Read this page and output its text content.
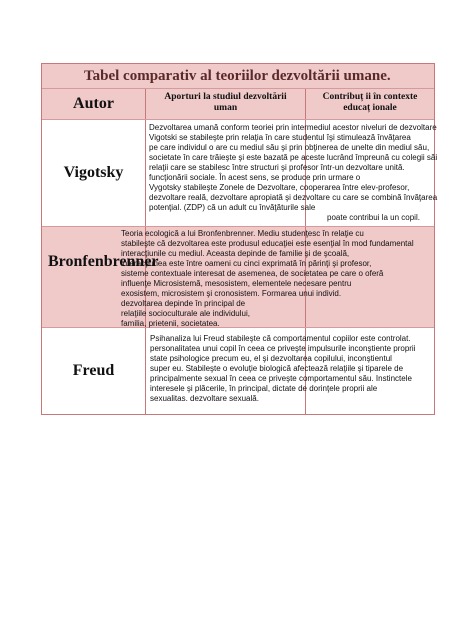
Tabel comparativ al teoriilor dezvoltării umane.
Autor	Aporturi la studiul dezvoltării
uman
Contribuț ii în contexte
educaț ionale
Vigotsky
Dezvoltarea umană conform teoriei prin intermediul acestor niveluri de dezvoltare
Vigotski se stabileşte prin relaţia în care studentul îşi stimulează învăţarea
pe care individul o are cu mediul său şi prin obţinerea de unelte din mediul său,
societate în care trăieşte şi este bazată pe aceste lucrând împreună cu colegii săi
relaţii care se stabilesc între structuri şi profesor într-un dezvoltare unită.
funcţionării sociale. În acest sens, se produce prin urmare o
Vygotsky stabileşte Zonele de Dezvoltare, cooperarea între elev-profesor,
dezvoltare reală, dezvoltare apropiată şi dezvoltare cu care se combină învăţarea
potenţial. (ZDP) că un adult cu învăţăturile sale
poate contribui la un copil.
Bronfenbrenner
Teoria ecologică a lui Bronfenbrenner. Mediu studenţesc în relaţie cu
stabileşte că dezvoltarea este produsul educaţiei este esenţial în mod fundamental
interacţiunile cu mediul. Aceasta depinde de familie şi de şcoală,
interacţiunea este între oameni cu cinci exprimată în părinţi şi profesor,
sisteme contextuale interesat de asemenea, de societatea pe care o oferă
influenţe Microsistemă, mesosistem, elementele necesare pentru
exosistem, microsistem şi cronosistem. Formarea unui individ.
dezvoltarea depinde în principal de
relaţiile socioculturale ale individului,
familia, prietenii, societatea.
Freud
Psihanaliza lui Freud stabileşte că comportamentul copiilor este controlat.
personalitatea unui copil în ceea ce priveşte impulsurile inconştiente proprii
state psihologice precum eu, el şi dezvoltarea copilului, inconştientul
super eu. Stabileşte o evoluţie biologică afectează relaţiile şi tiparele de
principalmente sexual în ceea ce priveşte comportamentul său. Instinctele
interesele şi plăcerile, în principal, dictate de dorinţele proprii ale
sexualitas. dezvoltare sexuală.
